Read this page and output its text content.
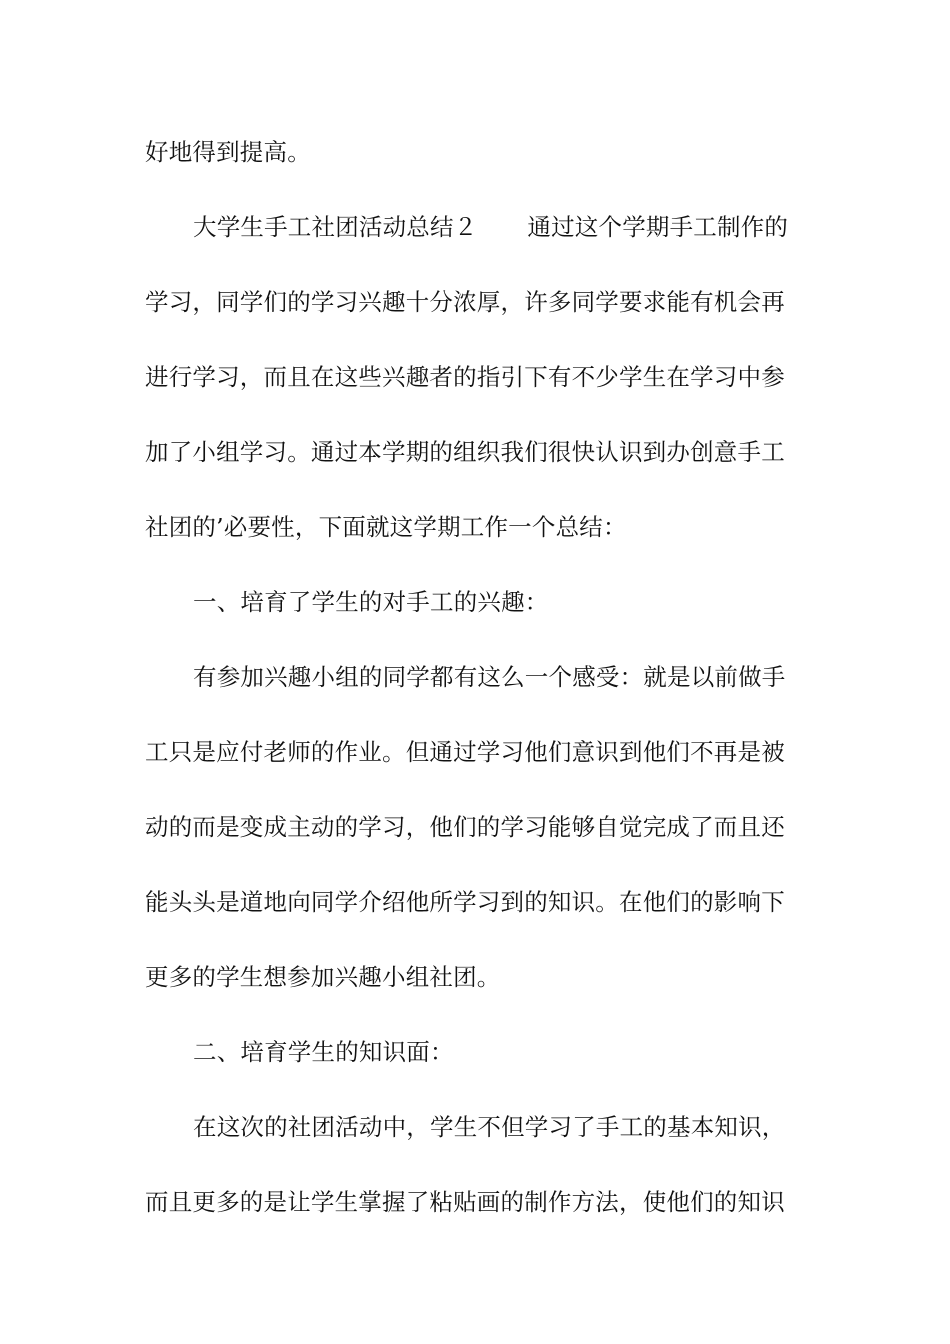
好地得到提高。
大学生手工社团活动总结２ 通过这个学期手工制作的
学习，同学们的学习兴趣十分浓厚，许多同学要求能有机会再
进行学习，而且在这些兴趣者的指引下有不少学生在学习中参
加了小组学习。通过本学期的组织我们很快认识到办创意手工
社团的’必要性，下面就这学期工作一个总结：
一、培育了学生的对手工的兴趣：
有参加兴趣小组的同学都有这么一个感受：就是以前做手
工只是应付老师的作业。但通过学习他们意识到他们不再是被
动的而是变成主动的学习，他们的学习能够自觉完成了而且还
能头头是道地向同学介绍他所学习到的知识。在他们的影响下
更多的学生想参加兴趣小组社团。
二、培育学生的知识面：
在这次的社团活动中，学生不但学习了手工的基本知识，
而且更多的是让学生掌握了粘贴画的制作方法，使他们的知识
